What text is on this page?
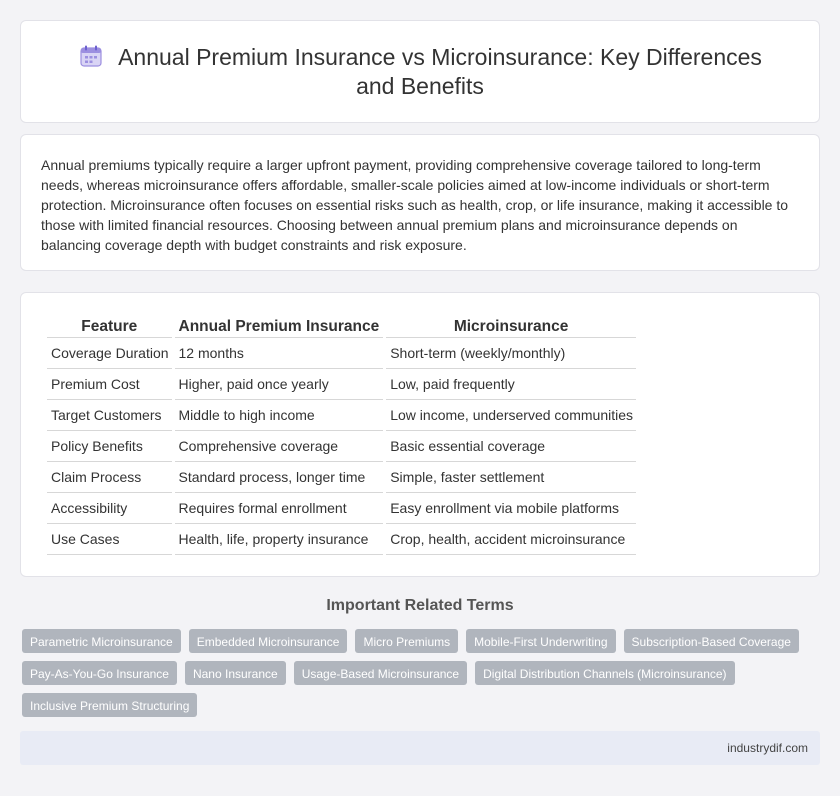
Annual Premium Insurance vs Microinsurance: Key Differences and Benefits

Annual premiums typically require a larger upfront payment, providing comprehensive coverage tailored to long-term needs, whereas microinsurance offers affordable, smaller-scale policies aimed at low-income individuals or short-term protection. Microinsurance often focuses on essential risks such as health, crop, or life insurance, making it accessible to those with limited financial resources. Choosing between annual premium plans and microinsurance depends on balancing coverage depth with budget constraints and risk exposure.

Feature	Annual Premium Insurance	Microinsurance
Coverage Duration	12 months	Short-term (weekly/monthly)
Premium Cost	Higher, paid once yearly	Low, paid frequently
Target Customers	Middle to high income	Low income, underserved communities
Policy Benefits	Comprehensive coverage	Basic essential coverage
Claim Process	Standard process, longer time	Simple, faster settlement
Accessibility	Requires formal enrollment	Easy enrollment via mobile platforms
Use Cases	Health, life, property insurance	Crop, health, accident microinsurance
Important Related Terms
Parametric Microinsurance	Embedded Microinsurance	Micro Premiums	Mobile-First Underwriting	Subscription-Based Coverage
Pay-As-You-Go Insurance	Nano Insurance	Usage-Based Microinsurance	Digital Distribution Channels (Microinsurance)
Inclusive Premium Structuring
industrydif.com
